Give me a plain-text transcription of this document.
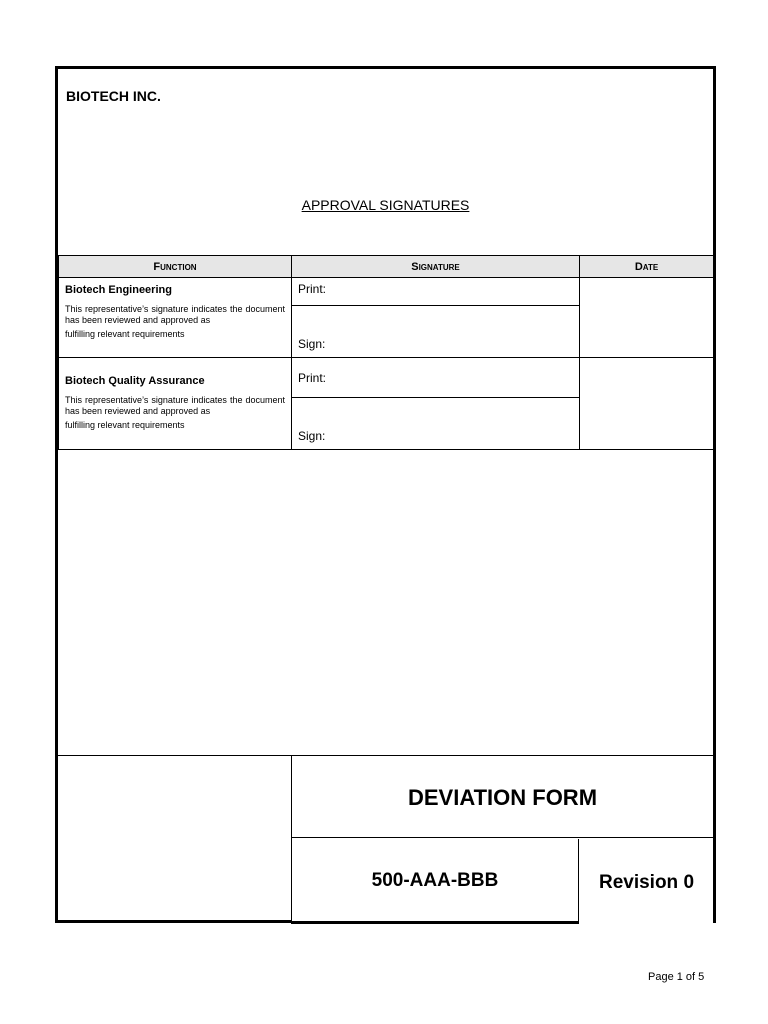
BIOTECH INC.
APPROVAL SIGNATURES
Function	Signature	Date

Biotech Engineering
This representative’s signature indicates the document has been reviewed and approved as
fulfilling relevant requirements	Print:	

	Sign:	

Biotech Quality Assurance
This representative’s signature indicates the document has been reviewed and approved as
fulfilling relevant requirements	Print:	

	Sign:	
DEVIATION FORM
500-AAA-BBB	Revision 0
Page 1 of 5
